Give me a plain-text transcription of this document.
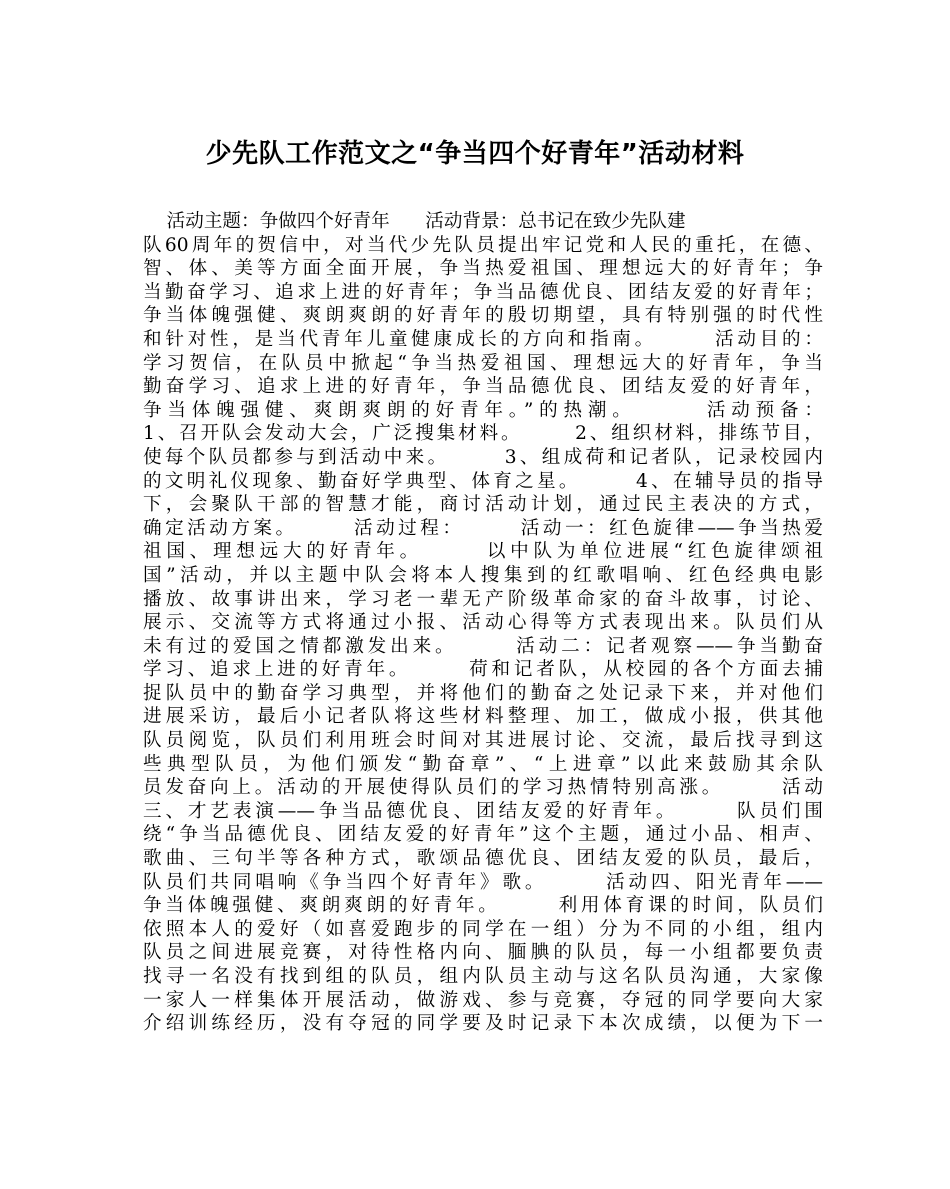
少先队工作范文之“争当四个好青年”活动材料
活动主题：争做四个好青年      活动背景：总书记在致少先队建
队60周年的贺信中，对当代少先队员提出牢记党和人民的重托，在德、
智、体、美等方面全面开展，争当热爱祖国、理想远大的好青年；争
当勤奋学习、追求上进的好青年；争当品德优良、团结友爱的好青年；
争当体魄强健、爽朗爽朗的好青年的殷切期望，具有特别强的时代性
和针对性，是当代青年儿童健康成长的方向和指南。      活动目的：
学习贺信，在队员中掀起“争当热爱祖国、理想远大的好青年，争当
勤奋学习、追求上进的好青年，争当品德优良、团结友爱的好青年，
争当体魄强健、爽朗爽朗的好青年。”的热潮。      活动预备：
1、召开队会发动大会，广泛搜集材料。      2、组织材料，排练节目，
使每个队员都参与到活动中来。      3、组成荷和记者队，记录校园内
的文明礼仪现象、勤奋好学典型、体育之星。      4、在辅导员的指导
下，会聚队干部的智慧才能，商讨活动计划，通过民主表决的方式，
确定活动方案。      活动过程：      活动一：红色旋律——争当热爱
祖国、理想远大的好青年。      以中队为单位进展“红色旋律颂祖
国”活动，并以主题中队会将本人搜集到的红歌唱响、红色经典电影
播放、故事讲出来，学习老一辈无产阶级革命家的奋斗故事，讨论、
展示、交流等方式将通过小报、活动心得等方式表现出来。队员们从
未有过的爱国之情都激发出来。      活动二：记者观察——争当勤奋
学习、追求上进的好青年。      荷和记者队，从校园的各个方面去捕
捉队员中的勤奋学习典型，并将他们的勤奋之处记录下来，并对他们
进展采访，最后小记者队将这些材料整理、加工，做成小报，供其他
队员阅览，队员们利用班会时间对其进展讨论、交流，最后找寻到这
些典型队员，为他们颁发“勤奋章”、“上进章”以此来鼓励其余队
员发奋向上。活动的开展使得队员们的学习热情特别高涨。      活动
三、才艺表演——争当品德优良、团结友爱的好青年。      队员们围
绕“争当品德优良、团结友爱的好青年”这个主题，通过小品、相声、
歌曲、三句半等各种方式，歌颂品德优良、团结友爱的队员，最后，
队员们共同唱响《争当四个好青年》歌。      活动四、阳光青年——
争当体魄强健、爽朗爽朗的好青年。      利用体育课的时间，队员们
依照本人的爱好（如喜爱跑步的同学在一组）分为不同的小组，组内
队员之间进展竞赛，对待性格内向、腼腆的队员，每一小组都要负责
找寻一名没有找到组的队员，组内队员主动与这名队员沟通，大家像
一家人一样集体开展活动，做游戏、参与竞赛，夺冠的同学要向大家
介绍训练经历，没有夺冠的同学要及时记录下本次成绩，以便为下一
